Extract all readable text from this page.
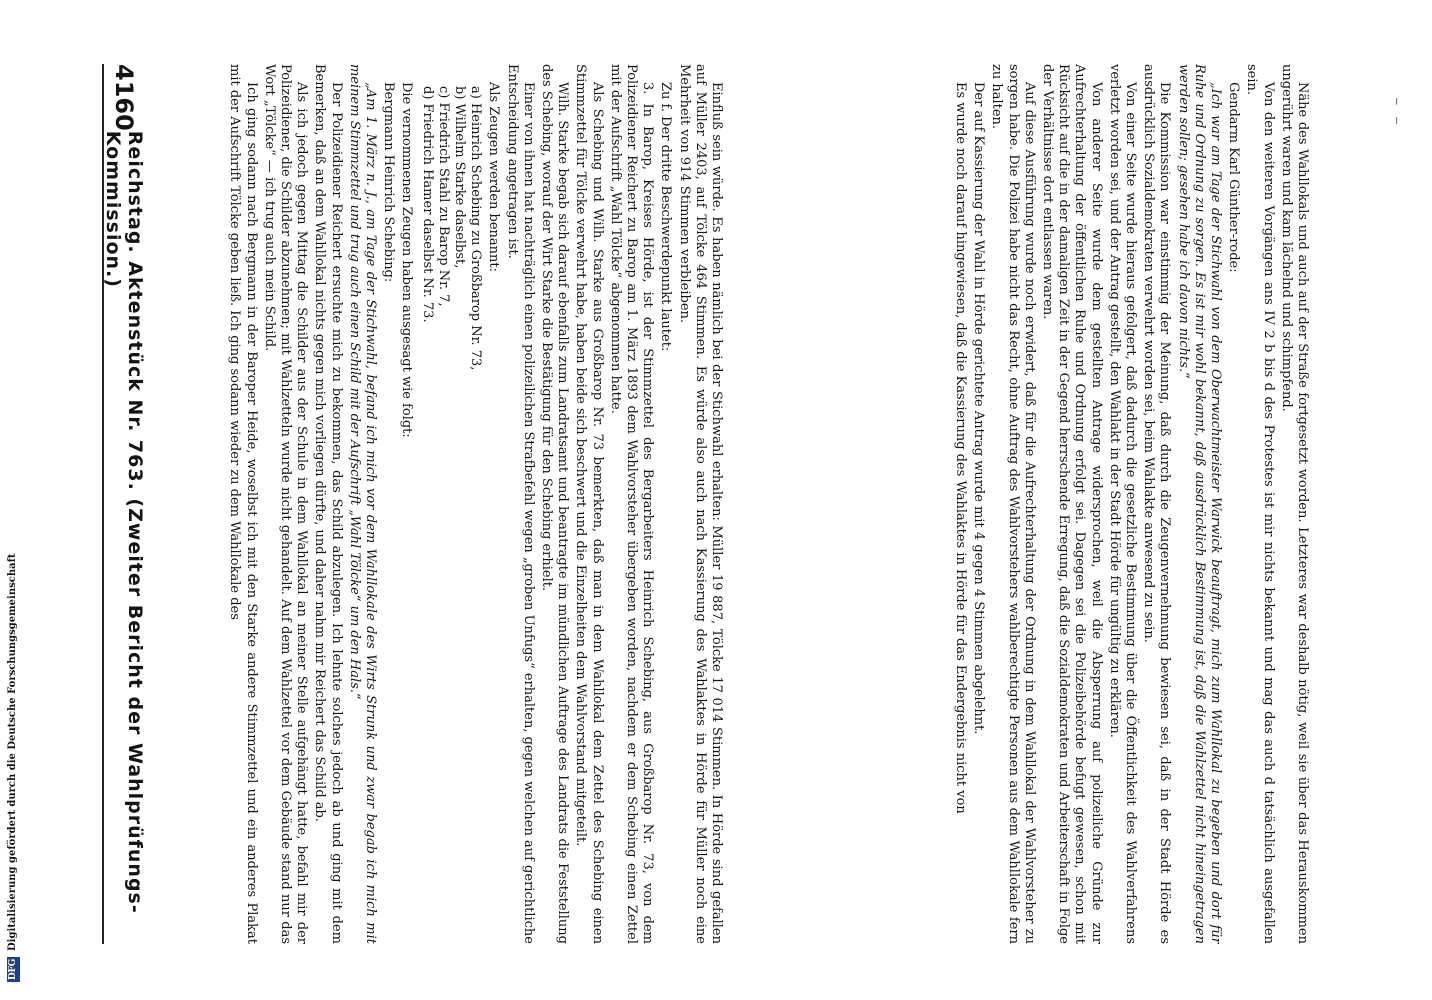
— —

Nähe des Wahllokals und auch auf der Straße fortgesetzt worden. Letzteres war deshalb nötig, weil sie über das Herauskommen ungerührt waren und kam lächelnd und schimpfend.

Von den weiteren Vorgängen ans IV 2 b bis d des Protestes ist mir nichts bekannt und mag das auch d tatsächlich ausgefallen sein.

Gendarm Karl Günther-rode:

„Ich war am Tage der Stichwahl von dem Oberwachtmeister Warwick beauftragt, mich zum Wahllokal zu begeben und dort für Ruhe und Ordnung zu sorgen. Es ist mir wohl bekannt, daß ausdrücklich Bestimmung ist, daß die Wahlzettel nicht hineingetragen werden sollen; gesehen habe ich davon nichts.“

Die Kommission war einstimmig der Meinung, daß durch die Zeugenvernehmung bewiesen sei, daß in der Stadt Hörde es ausdrücklich Sozialdemokraten verwehrt worden sei, beim Wahlakte anwesend zu sein.

Von einer Seite wurde hieraus gefolgert, daß dadurch die gesetzliche Bestimmung über die Öffentlichkeit des Wahlverfahrens verletzt worden sei, und der Antrag gestellt, den Wahlakt in der Stadt Hörde für ungültig zu erklären.

Von anderer Seite wurde dem gestellten Antrage widersprochen, weil die Absperrung auf polizeiliche Gründe zur Aufrechterhaltung der öffentlichen Ruhe und Ordnung erfolgt sei. Dagegen sei die Polizeibehörde befugt gewesen, schon mit Rücksicht auf die in der damaligen Zeit in der Gegend herrschende Erregung, daß die Sozialdemokraten und Arbeiterschaft in Folge der Verhältnisse dort entlassen waren.

Auf diese Ausführung wurde noch erwidert, daß für die Aufrechterhaltung der Ordnung in dem Wahllokal der Wahlvorsteher zu sorgen habe. Die Polizei habe nicht das Recht, ohne Auftrag des Wahlvorstehers wahlberechtigte Personen aus dem Wahllokale fern zu halten.

Der auf Kassierung der Wahl in Hörde gerichtete Antrag wurde mit 4 gegen 4 Stimmen abgelehnt.

Es wurde noch darauf hingewiesen, daß die Kassierung des Wahlaktes in Hörde für das Endergebnis nicht von

Einfluß sein würde. Es haben nämlich bei der Stichwahl erhalten: Müller 19 887, Tölcke 17 014 Stimmen. In Hörde sind gefallen auf Müller 2403, auf Tölcke 464 Stimmen. Es würde also auch nach Kassierung des Wahlaktes in Hörde für Müller noch eine Mehrheit von 914 Stimmen verbleiben.

Zu f. Der dritte Beschwerdepunkt lautet:

3. In Barop, Kreises Hörde, ist der Stimmzettel des Bergarbeiters Heinrich Schebing, aus Großbarop Nr. 73, von dem Polizeidiener Reichert zu Barop am 1. März 1893 dem Wahlvorsteher übergeben worden, nachdem er dem Schebing einen Zettel mit der Aufschrift „Wahl Tölcke“ abgenommen hatte.

Als Schebing und Wilh. Starke aus Großbarop Nr. 73 bemerkten, daß man in dem Wahllokal dem Zettel des Schebing einen Stimmzettel für Tölcke verwehrt habe, haben beide sich beschwert und die Einzelheiten dem Wahlvorstand mitgeteilt.

Wilh. Starke begab sich darauf ebenfalls zum Landratsamt und beantragte im mündlichen Auftrage des Landrats die Feststellung des Schebing, worauf der Wirt Starke die Bestätigung für den Schebing erhielt.

Einer von ihnen hat nachträglich einen polizeilichen Strafbefehl wegen „groben Unfugs“ erhalten, gegen welchen auf gerichtliche Entscheidung angetragen ist.

Als Zeugen werden benannt:

a) Heinrich Schebing zu Großbarop Nr. 73,
b) Wilhelm Starke daselbst,
c) Friedrich Stahl zu Barop Nr. 7,
d) Friedrich Hamer daselbst Nr. 73.

Die vernommenen Zeugen haben ausgesagt wie folgt:

Bergmann Heinrich Schebing:

„Am 1. März n. J., am Tage der Stichwahl, befand ich mich vor dem Wahllokale des Wirts Strunk und zwar begab ich mich mit meinem Stimmzettel und trug auch einen Schild mit der Aufschrift „Wahl Tölcke“ um den Hals.“

Der Polizeidiener Reichert ersuchte mich zu bekommen, das Schild abzulegen. Ich lehnte solches jedoch ab und ging mit dem Bemerken, daß an dem Wahllokal nichts gegen mich vorliegen dürfte, und daher nahm mir Reichert das Schild ab.

Als ich jedoch gegen Mittag die Schilder aus der Schule in dem Wahllokal an meiner Stelle aufgehängt hatte, befahl mir der Polizeidiener, die Schilder abzunehmen; mit Wahlzetteln wurde nicht gehandelt. Auf dem Wahlzettel vor dem Gebäude stand nur das Wort „Tölcke“ — ich trug auch mein Schild.

Ich ging sodann nach Bergmann in der Baroper Heide, woselbst ich mit den Starke andere Stimmzettel und ein anderes Plakat mit der Aufschrift Tölcke geben ließ. Ich ging sodann wieder zu dem Wahllokale des

4160
Reichstag. Aktenstück Nr. 763. (Zweiter Bericht der Wahlprüfungs-Kommission.)
DFG
Digitalisierung gefördert durch die Deutsche Forschungsgemeinschaft
